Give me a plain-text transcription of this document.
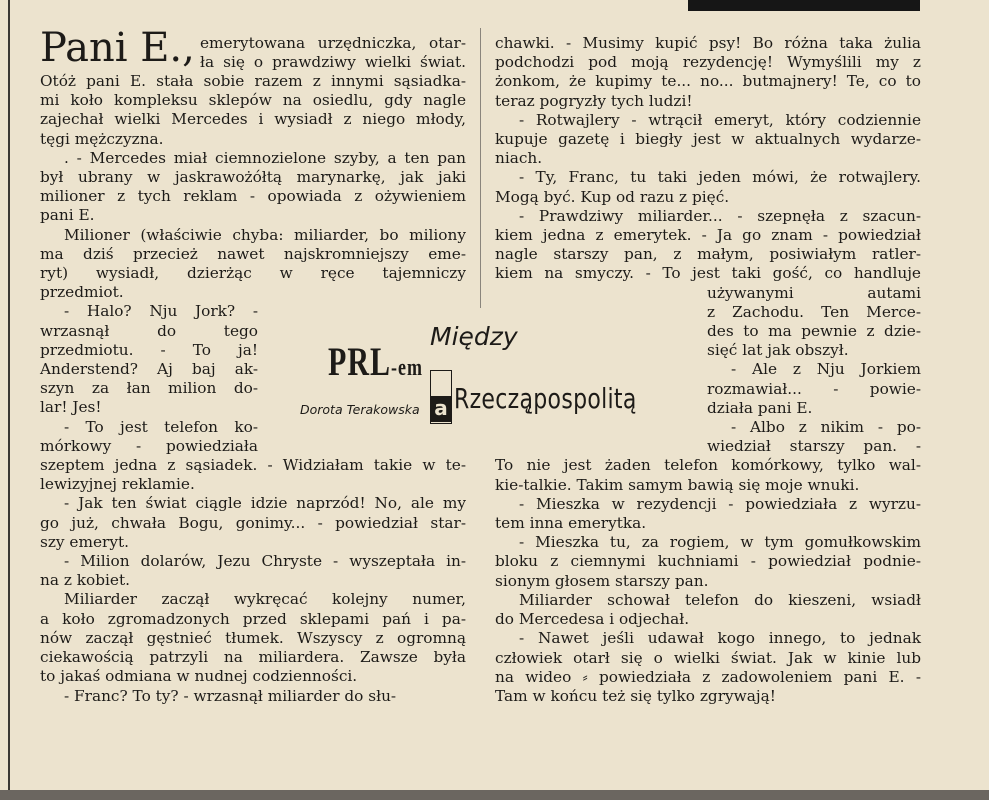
Pani E., emerytowana urzędniczka, otar-
ła się o prawdziwy wielki świat.

Otóż pani E. stała sobie razem z innymi sąsiadka-

mi koło kompleksu sklepów na osiedlu, gdy nagle

zajechał wielki Mercedes i wysiadł z niego młody,

tęgi mężczyzna.

. - Mercedes miał ciemnozielone szyby, a ten pan

był ubrany w jaskrawożółtą marynarkę, jak jaki

milioner z tych reklam - opowiada z ożywieniem

pani E.

Milioner (właściwie chyba: miliarder, bo miliony

ma dziś przecież nawet najskromniejszy eme-

ryt) wysiadł, dzierżąc w ręce tajemniczy

przedmiot.

- Halo? Nju Jork? -

wrzasnął do tego

przedmiotu. - To ja!

Anderstend? Aj baj ak-

szyn za łan milion do-

lar! Jes!

- To jest telefon ko-

mórkowy - powiedziała

szeptem jedna z sąsiadek. - Widziałam takie w te-

lewizyjnej reklamie.

- Jak ten świat ciągle idzie naprzód! No, ale my

go już, chwała Bogu, gonimy... - powiedział star-

szy emeryt.

- Milion dolarów, Jezu Chryste - wyszeptała in-

na z kobiet.

Miliarder zaczął wykręcać kolejny numer,

a koło zgromadzonych przed sklepami pań i pa-

nów zaczął gęstnieć tłumek. Wszyscy z ogromną

ciekawością patrzyli na miliardera. Zawsze była

to jakaś odmiana w nudnej codzienności.

- Franc? To ty? - wrzasnął miliarder do słu-

PRL-em
Między
a Rzeczą̨pospolitą
Dorota Terakowska

chawki. - Musimy kupić psy! Bo różna taka żulia

podchodzi pod moją rezydencję! Wymyślili my z

żonkom, że kupimy te... no... butmajnery! Te, co to

teraz pogryzły tych ludzi!

- Rotwajlery - wtrącił emeryt, który codziennie

kupuje gazetę i biegły jest w aktualnych wydarze-

niach.

- Ty, Franc, tu taki jeden mówi, że rotwajlery.

Mogą być. Kup od razu z pięć.

- Prawdziwy miliarder... - szepnęła z szacun-

kiem jedna z emerytek. - Ja go znam - powiedział

nagle starszy pan, z małym, posiwiałym ratler-

kiem na smyczy. - To jest taki gość, co handluje

używanymi autami

z Zachodu. Ten Merce-

des to ma pewnie z dzie-

sięć lat jak obszył.

- Ale z Nju Jorkiem

rozmawiał... - powie-

działa pani E.

- Albo z nikim - po-

wiedział starszy pan. -

To nie jest żaden telefon komórkowy, tylko wal-

kie-talkie. Takim samym bawią się moje wnuki.

- Mieszka w rezydencji - powiedziała z wyrzu-

tem inna emerytka.

- Mieszka tu, za rogiem, w tym gomułkowskim

bloku z ciemnymi kuchniami - powiedział podnie-

sionym głosem starszy pan.

Miliarder schował telefon do kieszeni, wsiadł

do Mercedesa i odjechał.

- Nawet jeśli udawał kogo innego, to jednak

człowiek otarł się o wielki świat. Jak w kinie lub

na wideo ⸗ powiedziała z zadowoleniem pani E. -

Tam w końcu też się tylko zgrywają!
